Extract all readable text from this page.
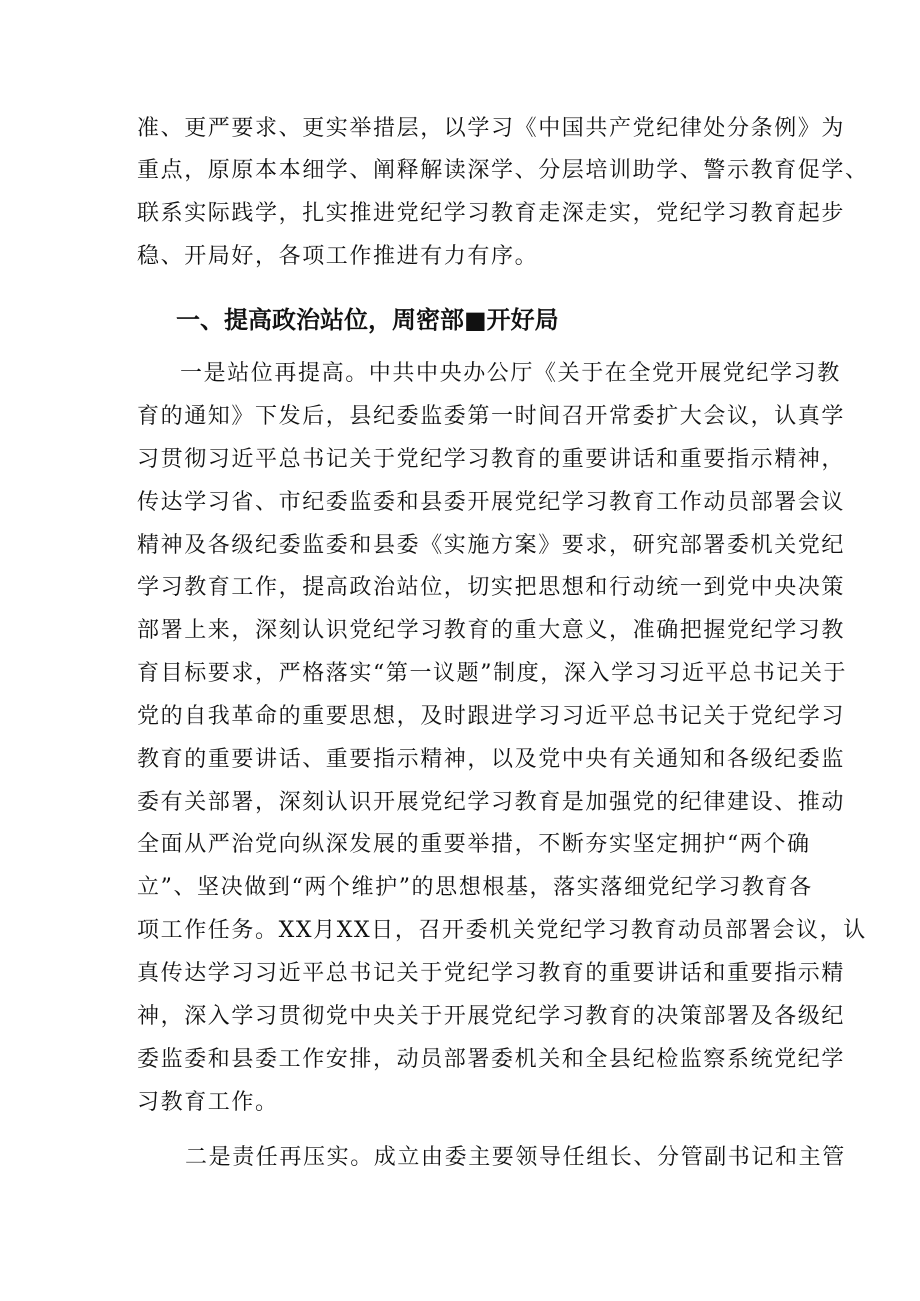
准、更严要求、更实举措层，以学习《中国共产党纪律处分条例》为
重点，原原本本细学、阐释解读深学、分层培训助学、警示教育促学、
联系实际践学，扎实推进党纪学习教育走深走实，党纪学习教育起步
稳、开局好，各项工作推进有力有序。
一、提高政治站位，周密部■开好局
一是站位再提高。中共中央办公厅《关于在全党开展党纪学习教
育的通知》下发后，县纪委监委第一时间召开常委扩大会议，认真学
习贯彻习近平总书记关于党纪学习教育的重要讲话和重要指示精神，
传达学习省、市纪委监委和县委开展党纪学习教育工作动员部署会议
精神及各级纪委监委和县委《实施方案》要求，研究部署委机关党纪
学习教育工作，提高政治站位，切实把思想和行动统一到党中央决策
部署上来，深刻认识党纪学习教育的重大意义，准确把握党纪学习教
育目标要求，严格落实“第一议题”制度，深入学习习近平总书记关于
党的自我革命的重要思想，及时跟进学习习近平总书记关于党纪学习
教育的重要讲话、重要指示精神，以及党中央有关通知和各级纪委监
委有关部署，深刻认识开展党纪学习教育是加强党的纪律建设、推动
全面从严治党向纵深发展的重要举措，不断夯实坚定拥护“两个确
立”、坚决做到“两个维护”的思想根基，落实落细党纪学习教育各
项工作任务。XX月XX日，召开委机关党纪学习教育动员部署会议，认
真传达学习习近平总书记关于党纪学习教育的重要讲话和重要指示精
神，深入学习贯彻党中央关于开展党纪学习教育的决策部署及各级纪
委监委和县委工作安排，动员部署委机关和全县纪检监察系统党纪学
习教育工作。
二是责任再压实。成立由委主要领导任组长、分管副书记和主管
